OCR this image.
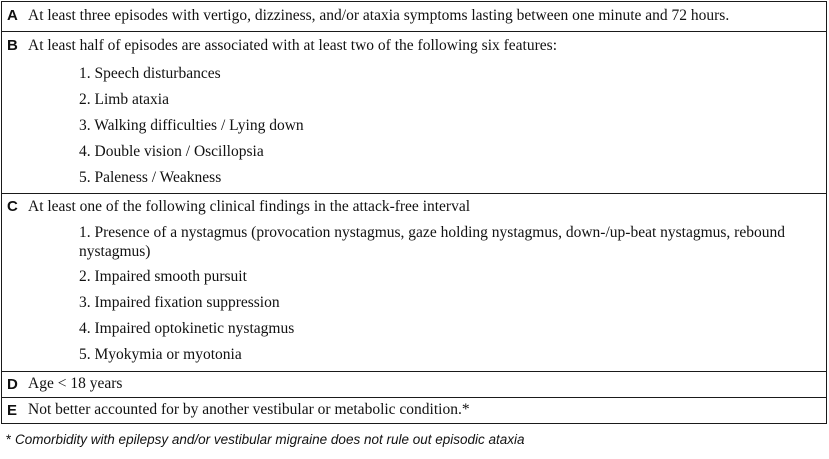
A At least three episodes with vertigo, dizziness, and/or ataxia symptoms lasting between one minute and 72 hours.
B At least half of episodes are associated with at least two of the following six features:
1. Speech disturbances
2. Limb ataxia
3. Walking difficulties / Lying down
4. Double vision / Oscillopsia
5. Paleness / Weakness
C At least one of the following clinical findings in the attack-free interval
1. Presence of a nystagmus (provocation nystagmus, gaze holding nystagmus, down-/up-beat nystagmus, rebound nystagmus)
2. Impaired smooth pursuit
3. Impaired fixation suppression
4. Impaired optokinetic nystagmus
5. Myokymia or myotonia
D Age < 18 years
E Not better accounted for by another vestibular or metabolic condition.*
* Comorbidity with epilepsy and/or vestibular migraine does not rule out episodic ataxia
